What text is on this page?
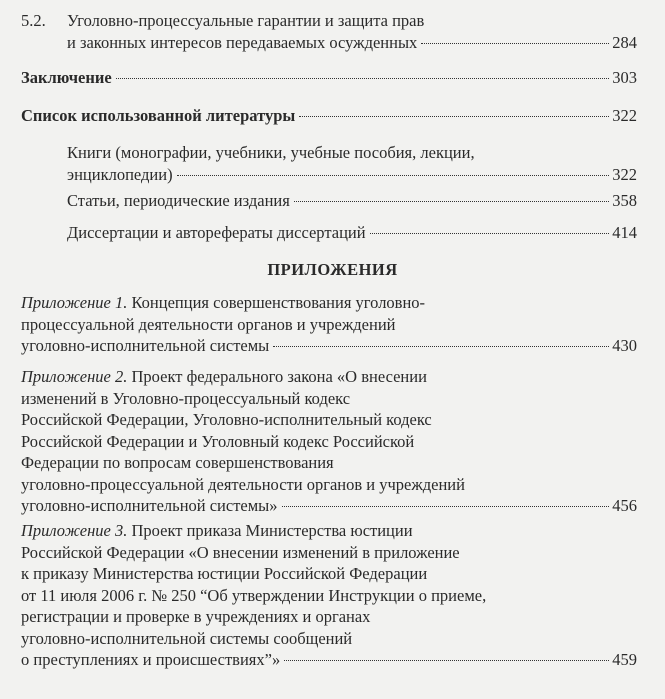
5.2. Уголовно-процессуальные гарантии и защита прав
и законных интересов передаваемых осужденных	284
Заключение	303
Список использованной литературы	322
Книги (монографии, учебники, учебные пособия, лекции,
энциклопедии)	322
Статьи, периодические издания	358
Диссертации и авторефераты диссертаций	414
ПРИЛОЖЕНИЯ
Приложение 1. Концепция совершенствования уголовно-
процессуальной деятельности органов и учреждений
уголовно-исполнительной системы	430
Приложение 2. Проект федерального закона «О внесении
изменений в Уголовно-процессуальный кодекс
Российской Федерации, Уголовно-исполнительный кодекс
Российской Федерации и Уголовный кодекс Российской
Федерации по вопросам совершенствования
уголовно-процессуальной деятельности органов и учреждений
уголовно-исполнительной системы»	456
Приложение 3. Проект приказа Министерства юстиции
Российской Федерации «О внесении изменений в приложение
к приказу Министерства юстиции Российской Федерации
от 11 июля 2006 г. № 250 “Об утверждении Инструкции о приеме,
регистрации и проверке в учреждениях и органах
уголовно-исполнительной системы сообщений
о преступлениях и происшествиях”»	459
